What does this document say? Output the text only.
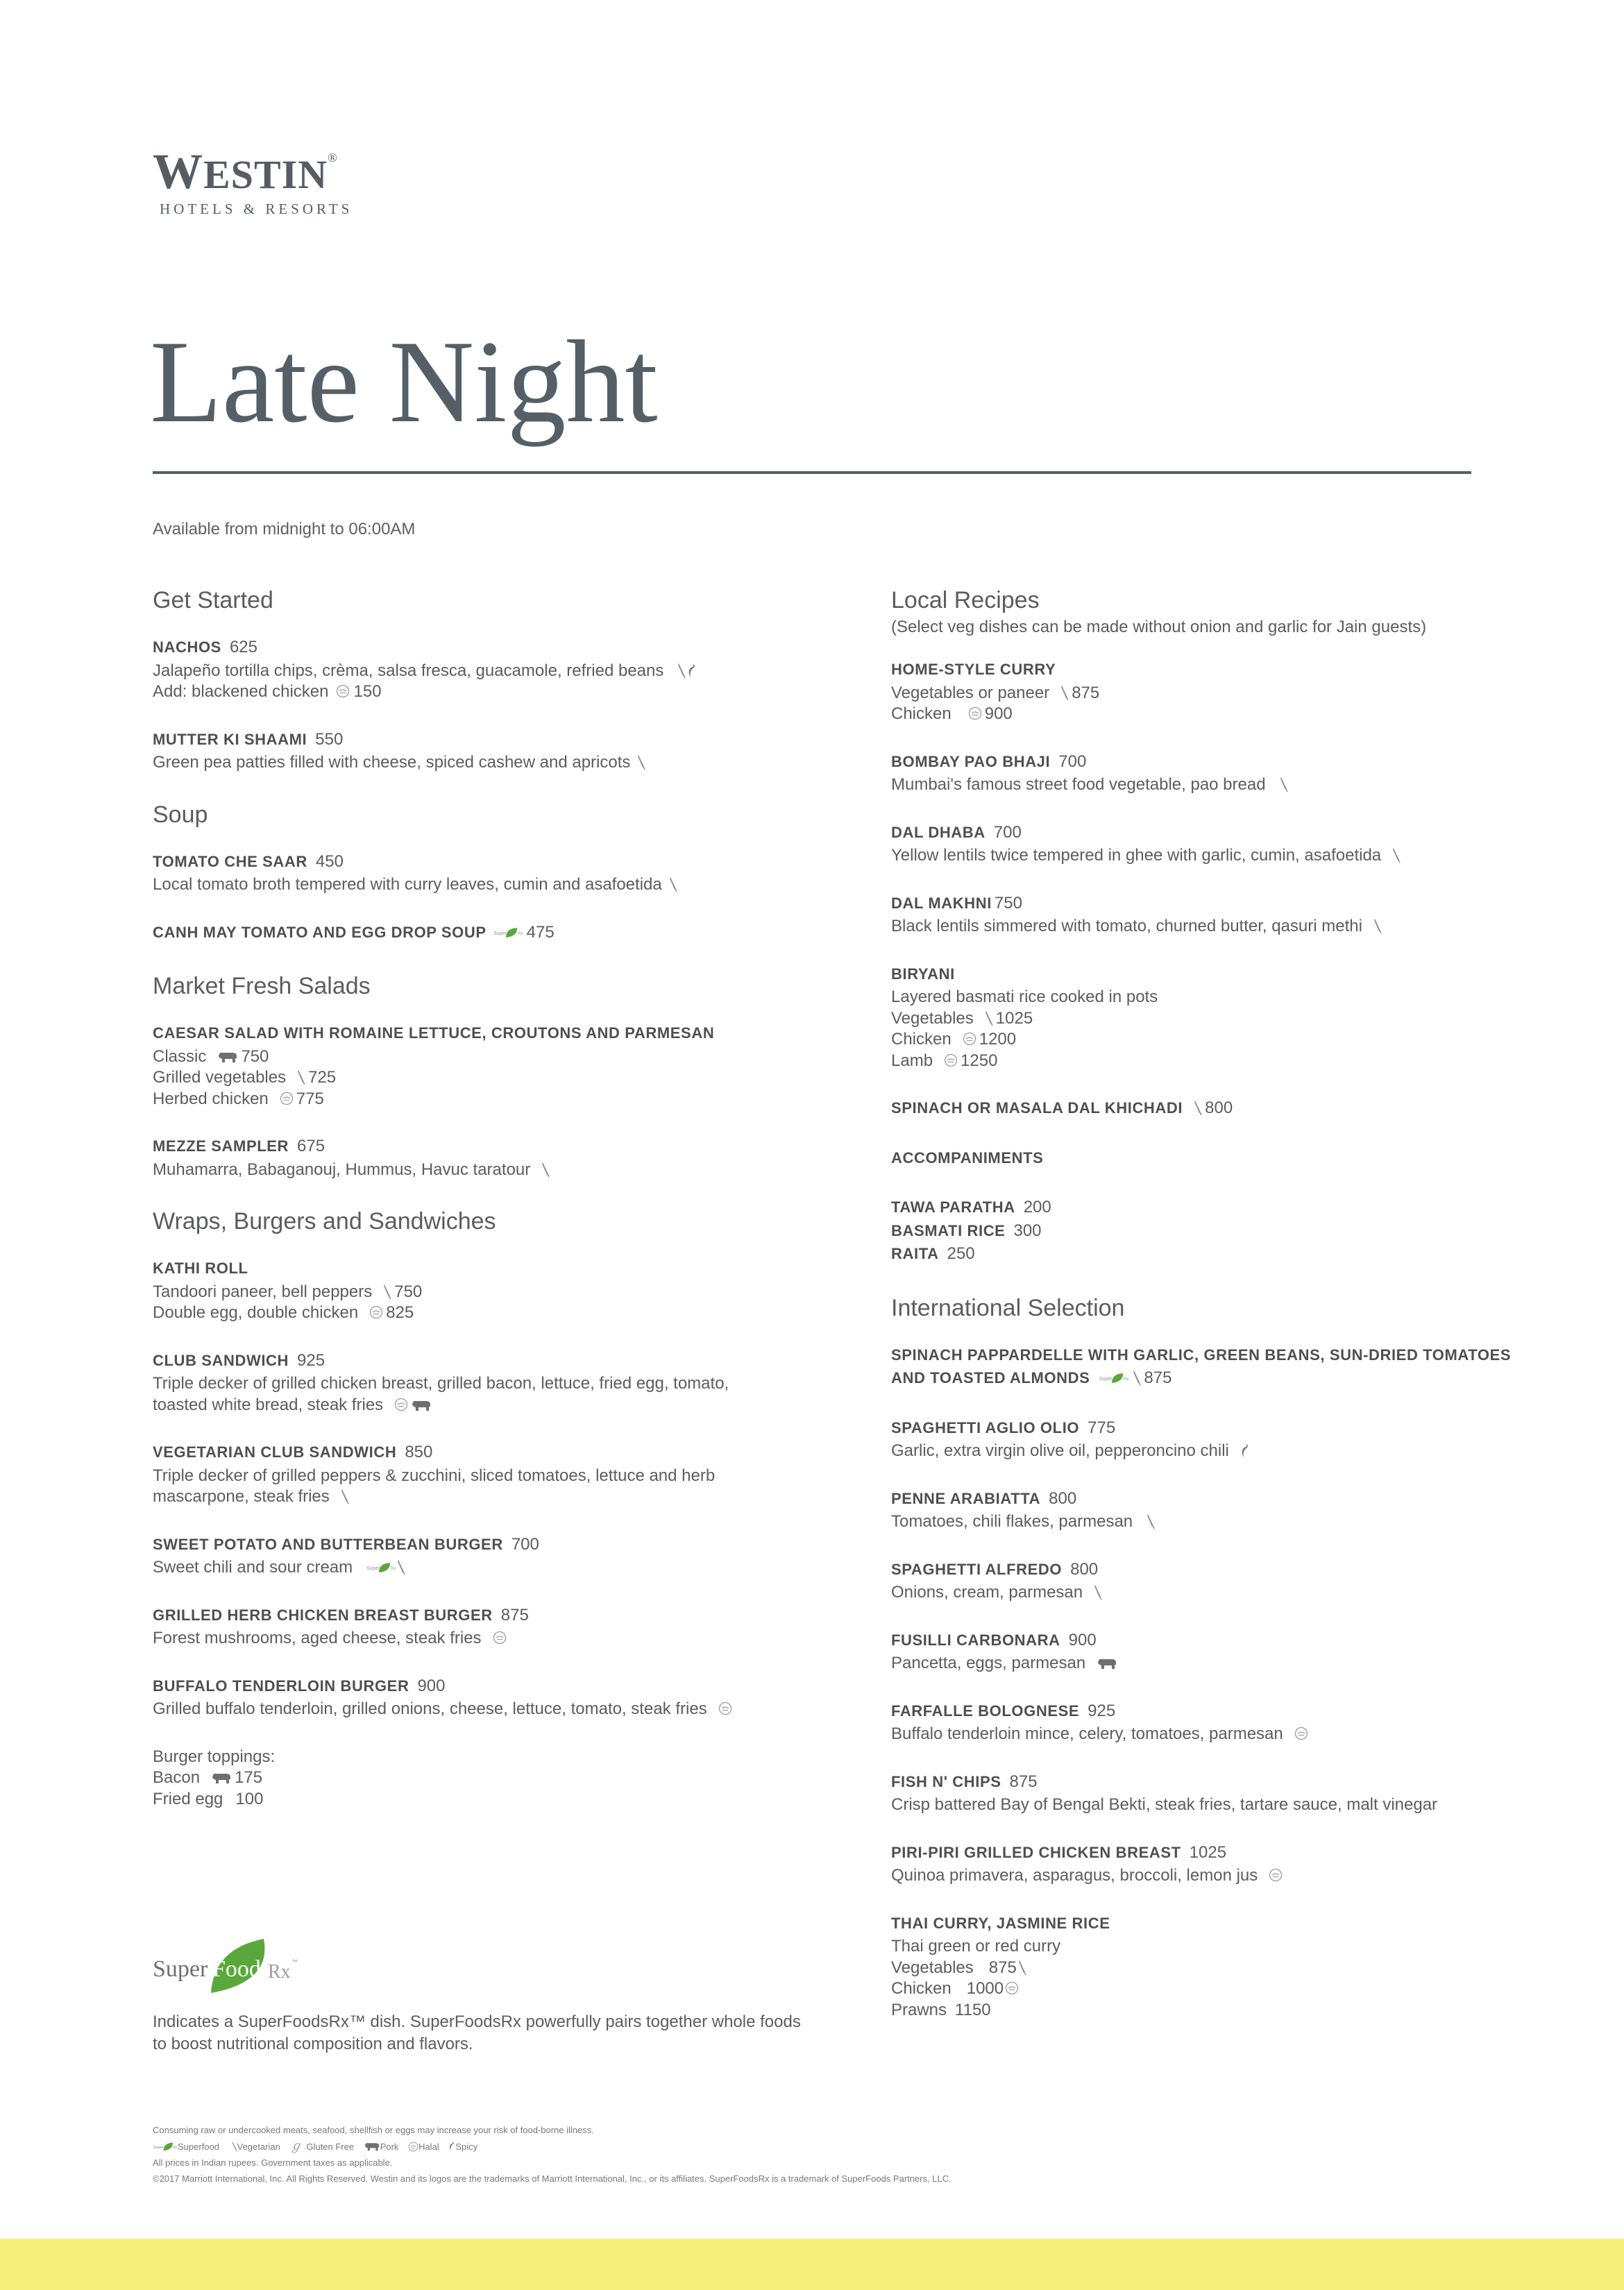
WESTIN®
HOTELS & RESORTS
Late Night
Available from midnight to 06:00AM
Get Started
NACHOS 625
Jalapeño tortilla chips, crèma, salsa fresca, guacamole, refried beans
Add: blackened chicken 150
MUTTER KI SHAAMI 550
Green pea patties filled with cheese, spiced cashew and apricots
Soup
TOMATO CHE SAAR 450
Local tomato broth tempered with curry leaves, cumin and asafoetida
CANH MAY TOMATO AND EGG DROP SOUP 475
Market Fresh Salads
CAESAR SALAD WITH ROMAINE LETTUCE, CROUTONS AND PARMESAN
Classic 750
Grilled vegetables 725
Herbed chicken 775
MEZZE SAMPLER 675
Muhamarra, Babaganouj, Hummus, Havuc taratour
Wraps, Burgers and Sandwiches
KATHI ROLL
Tandoori paneer, bell peppers 750
Double egg, double chicken 825
CLUB SANDWICH 925
Triple decker of grilled chicken breast, grilled bacon, lettuce, fried egg, tomato,
toasted white bread, steak fries
VEGETARIAN CLUB SANDWICH 850
Triple decker of grilled peppers & zucchini, sliced tomatoes, lettuce and herb
mascarpone, steak fries
SWEET POTATO AND BUTTERBEAN BURGER 700
Sweet chili and sour cream
GRILLED HERB CHICKEN BREAST BURGER 875
Forest mushrooms, aged cheese, steak fries
BUFFALO TENDERLOIN BURGER 900
Grilled buffalo tenderloin, grilled onions, cheese, lettuce, tomato, steak fries
Burger toppings:
Bacon 175
Fried egg 100
Local Recipes
(Select veg dishes can be made without onion and garlic for Jain guests)
HOME-STYLE CURRY
Vegetables or paneer 875
Chicken 900
BOMBAY PAO BHAJI 700
Mumbai's famous street food vegetable, pao bread
DAL DHABA 700
Yellow lentils twice tempered in ghee with garlic, cumin, asafoetida
DAL MAKHNI 750
Black lentils simmered with tomato, churned butter, qasuri methi
BIRYANI
Layered basmati rice cooked in pots
Vegetables 1025
Chicken 1200
Lamb 1250
SPINACH OR MASALA DAL KHICHADI 800
ACCOMPANIMENTS
TAWA PARATHA 200
BASMATI RICE 300
RAITA 250
International Selection
SPINACH PAPPARDELLE WITH GARLIC, GREEN BEANS, SUN-DRIED TOMATOES
AND TOASTED ALMONDS	875
SPAGHETTI AGLIO OLIO 775
Garlic, extra virgin olive oil, pepperoncino chili
PENNE ARABIATTA 800
Tomatoes, chili flakes, parmesan
SPAGHETTI ALFREDO 800
Onions, cream, parmesan
FUSILLI CARBONARA 900
Pancetta, eggs, parmesan
FARFALLE BOLOGNESE 925
Buffalo tenderloin mince, celery, tomatoes, parmesan
FISH N' CHIPS 875
Crisp battered Bay of Bengal Bekti, steak fries, tartare sauce, malt vinegar
PIRI-PIRI GRILLED CHICKEN BREAST 1025
Quinoa primavera, asparagus, broccoli, lemon jus
THAI CURRY, JASMINE RICE
Thai green or red curry
Vegetables 875
Chicken 1000
Prawns 1150
Super Foods
Rx ™
Indicates a SuperFoodsRx™ dish. SuperFoodsRx powerfully pairs together whole foods
to boost nutritional composition and flavors.
Consuming raw or undercooked meats, seafood, shellfish or eggs may increase your risk of food-borne illness.
Superfood Vegetarian ℊ Gluten Free	Pork Halal Spicy
All prices in Indian rupees. Government taxes as applicable.
©2017 Marriott International, Inc. All Rights Reserved. Westin and its logos are the trademarks of Marriott International, Inc., or its affiliates. SuperFoodsRx is a trademark of SuperFoods Partners, LLC.
